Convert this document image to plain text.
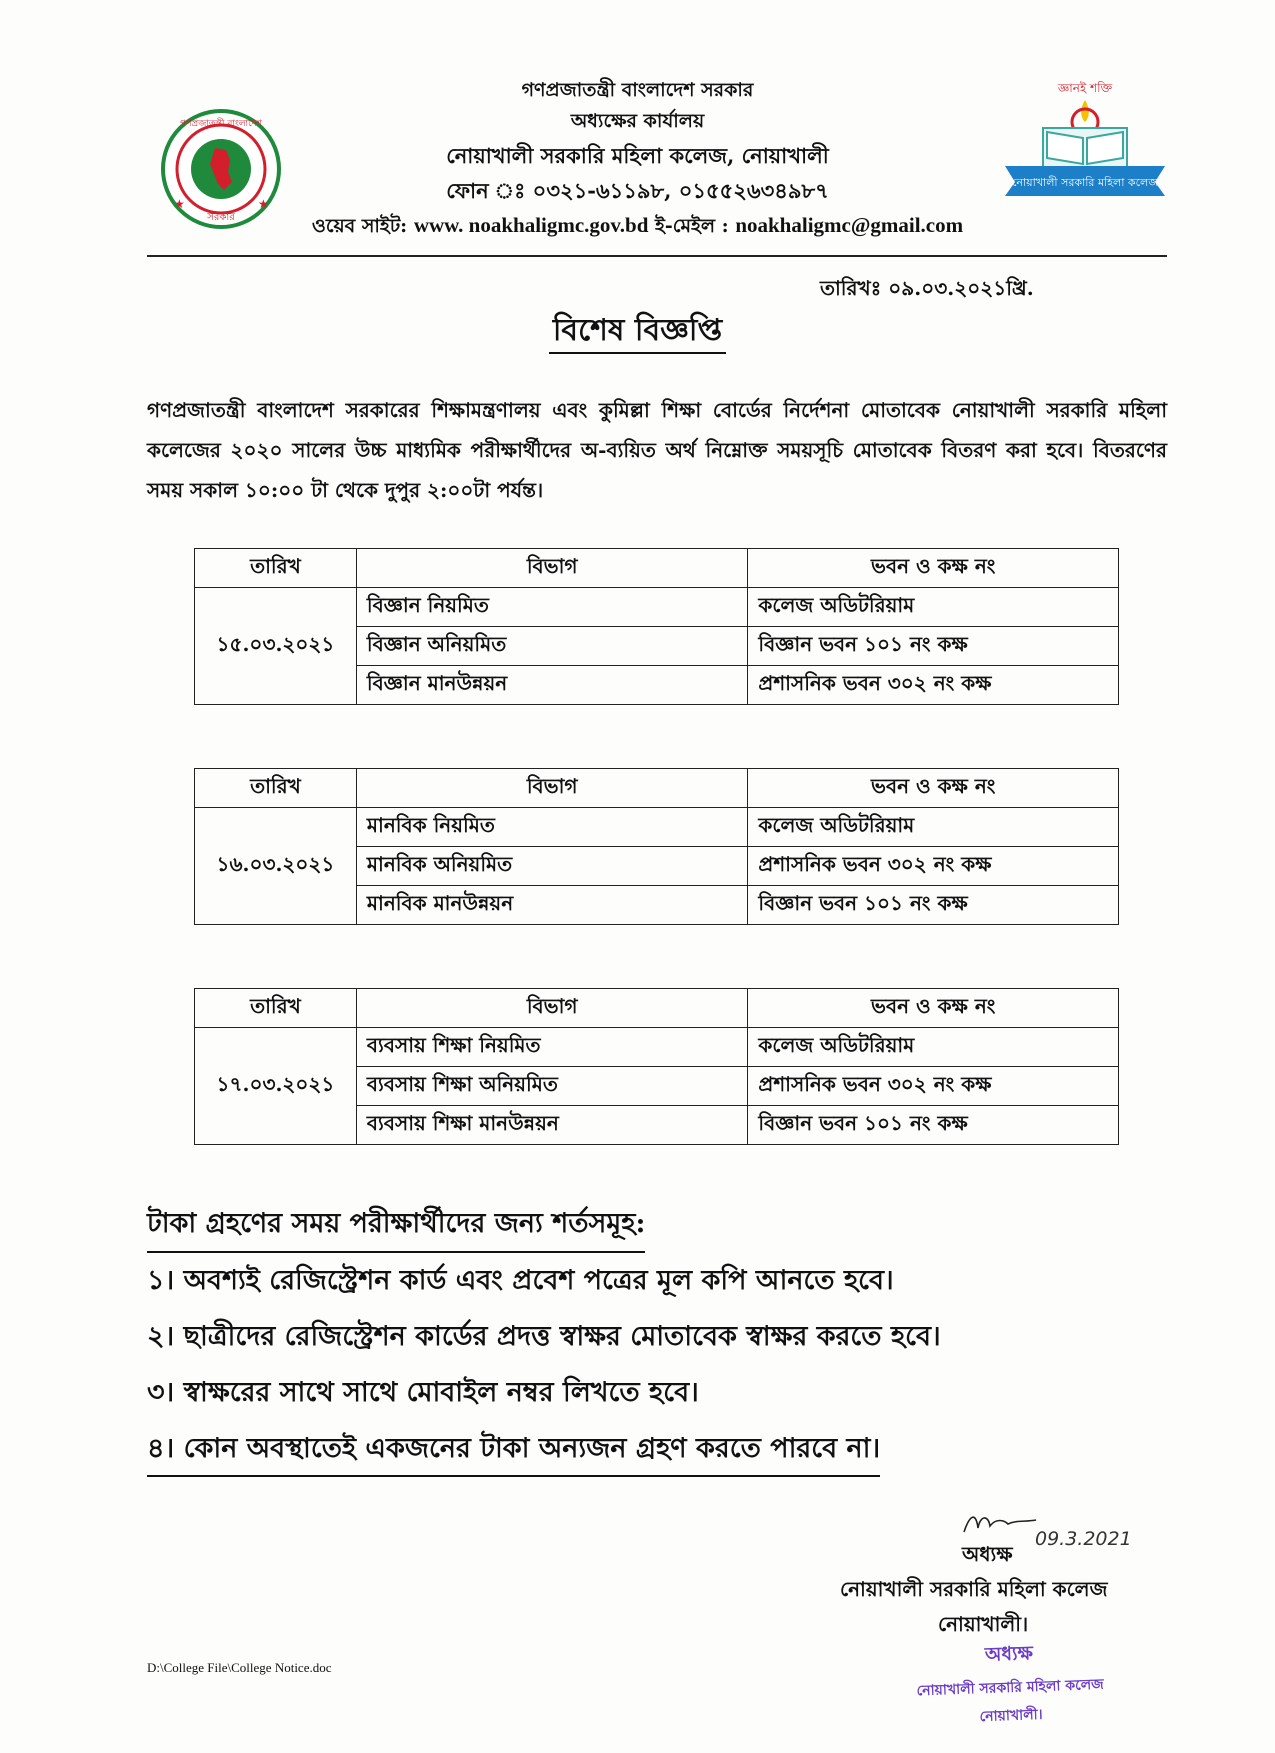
গণপ্রজাতন্ত্রী বাংলাদেশ
সরকার
★	★
জ্ঞানই শক্তি
নোয়াখালী সরকারি মহিলা কলেজ
গণপ্রজাতন্ত্রী বাংলাদেশ সরকার
অধ্যক্ষের কার্যালয়
নোয়াখালী সরকারি মহিলা কলেজ, নোয়াখালী
ফোন ঃ ০৩২১-৬১১৯৮, ০১৫৫২৬৩৪৯৮৭
ওয়েব সাইট: www. noakhaligmc.gov.bd ই-মেইল : noakhaligmc@gmail.com
তারিখঃ ০৯.০৩.২০২১খ্রি.
বিশেষ বিজ্ঞপ্তি
গণপ্রজাতন্ত্রী বাংলাদেশ সরকারের শিক্ষামন্ত্রণালয় এবং কুমিল্লা শিক্ষা বোর্ডের নির্দেশনা মোতাবেক নোয়াখালী সরকারি মহিলা কলেজের ২০২০ সালের উচ্চ মাধ্যমিক পরীক্ষার্থীদের অ-ব্যয়িত অর্থ নিম্নোক্ত সময়সূচি মোতাবেক বিতরণ করা হবে। বিতরণের সময় সকাল ১০:০০ টা থেকে দুপুর ২:০০টা পর্যন্ত।
তারিখ	বিভাগ	ভবন ও কক্ষ নং
১৫.০৩.২০২১	বিজ্ঞান নিয়মিত	কলেজ অডিটরিয়াম
	বিজ্ঞান অনিয়মিত	বিজ্ঞান ভবন ১০১ নং কক্ষ
	বিজ্ঞান মানউন্নয়ন	প্রশাসনিক ভবন ৩০২ নং কক্ষ
তারিখ	বিভাগ	ভবন ও কক্ষ নং
১৬.০৩.২০২১	মানবিক নিয়মিত	কলেজ অডিটরিয়াম
	মানবিক অনিয়মিত	প্রশাসনিক ভবন ৩০২ নং কক্ষ
	মানবিক মানউন্নয়ন	বিজ্ঞান ভবন ১০১ নং কক্ষ
তারিখ	বিভাগ	ভবন ও কক্ষ নং
১৭.০৩.২০২১	ব্যবসায় শিক্ষা নিয়মিত	কলেজ অডিটরিয়াম
	ব্যবসায় শিক্ষা অনিয়মিত	প্রশাসনিক ভবন ৩০২ নং কক্ষ
	ব্যবসায় শিক্ষা মানউন্নয়ন	বিজ্ঞান ভবন ১০১ নং কক্ষ
টাকা গ্রহণের সময় পরীক্ষার্থীদের জন্য শর্তসমূহ:
১। অবশ্যই রেজিস্ট্রেশন কার্ড এবং প্রবেশ পত্রের মূল কপি আনতে হবে।
২। ছাত্রীদের রেজিস্ট্রেশন কার্ডের প্রদত্ত স্বাক্ষর মোতাবেক স্বাক্ষর করতে হবে।
৩। স্বাক্ষরের সাথে সাথে মোবাইল নম্বর লিখতে হবে।
৪। কোন অবস্থাতেই একজনের টাকা অন্যজন গ্রহণ করতে পারবে না।
09.3.2021
অধ্যক্ষ
নোয়াখালী সরকারি মহিলা কলেজ
নোয়াখালী।
অধ্যক্ষ
নোয়াখালী সরকারি মহিলা কলেজ
নোয়াখালী।
D:\College File\College Notice.doc
